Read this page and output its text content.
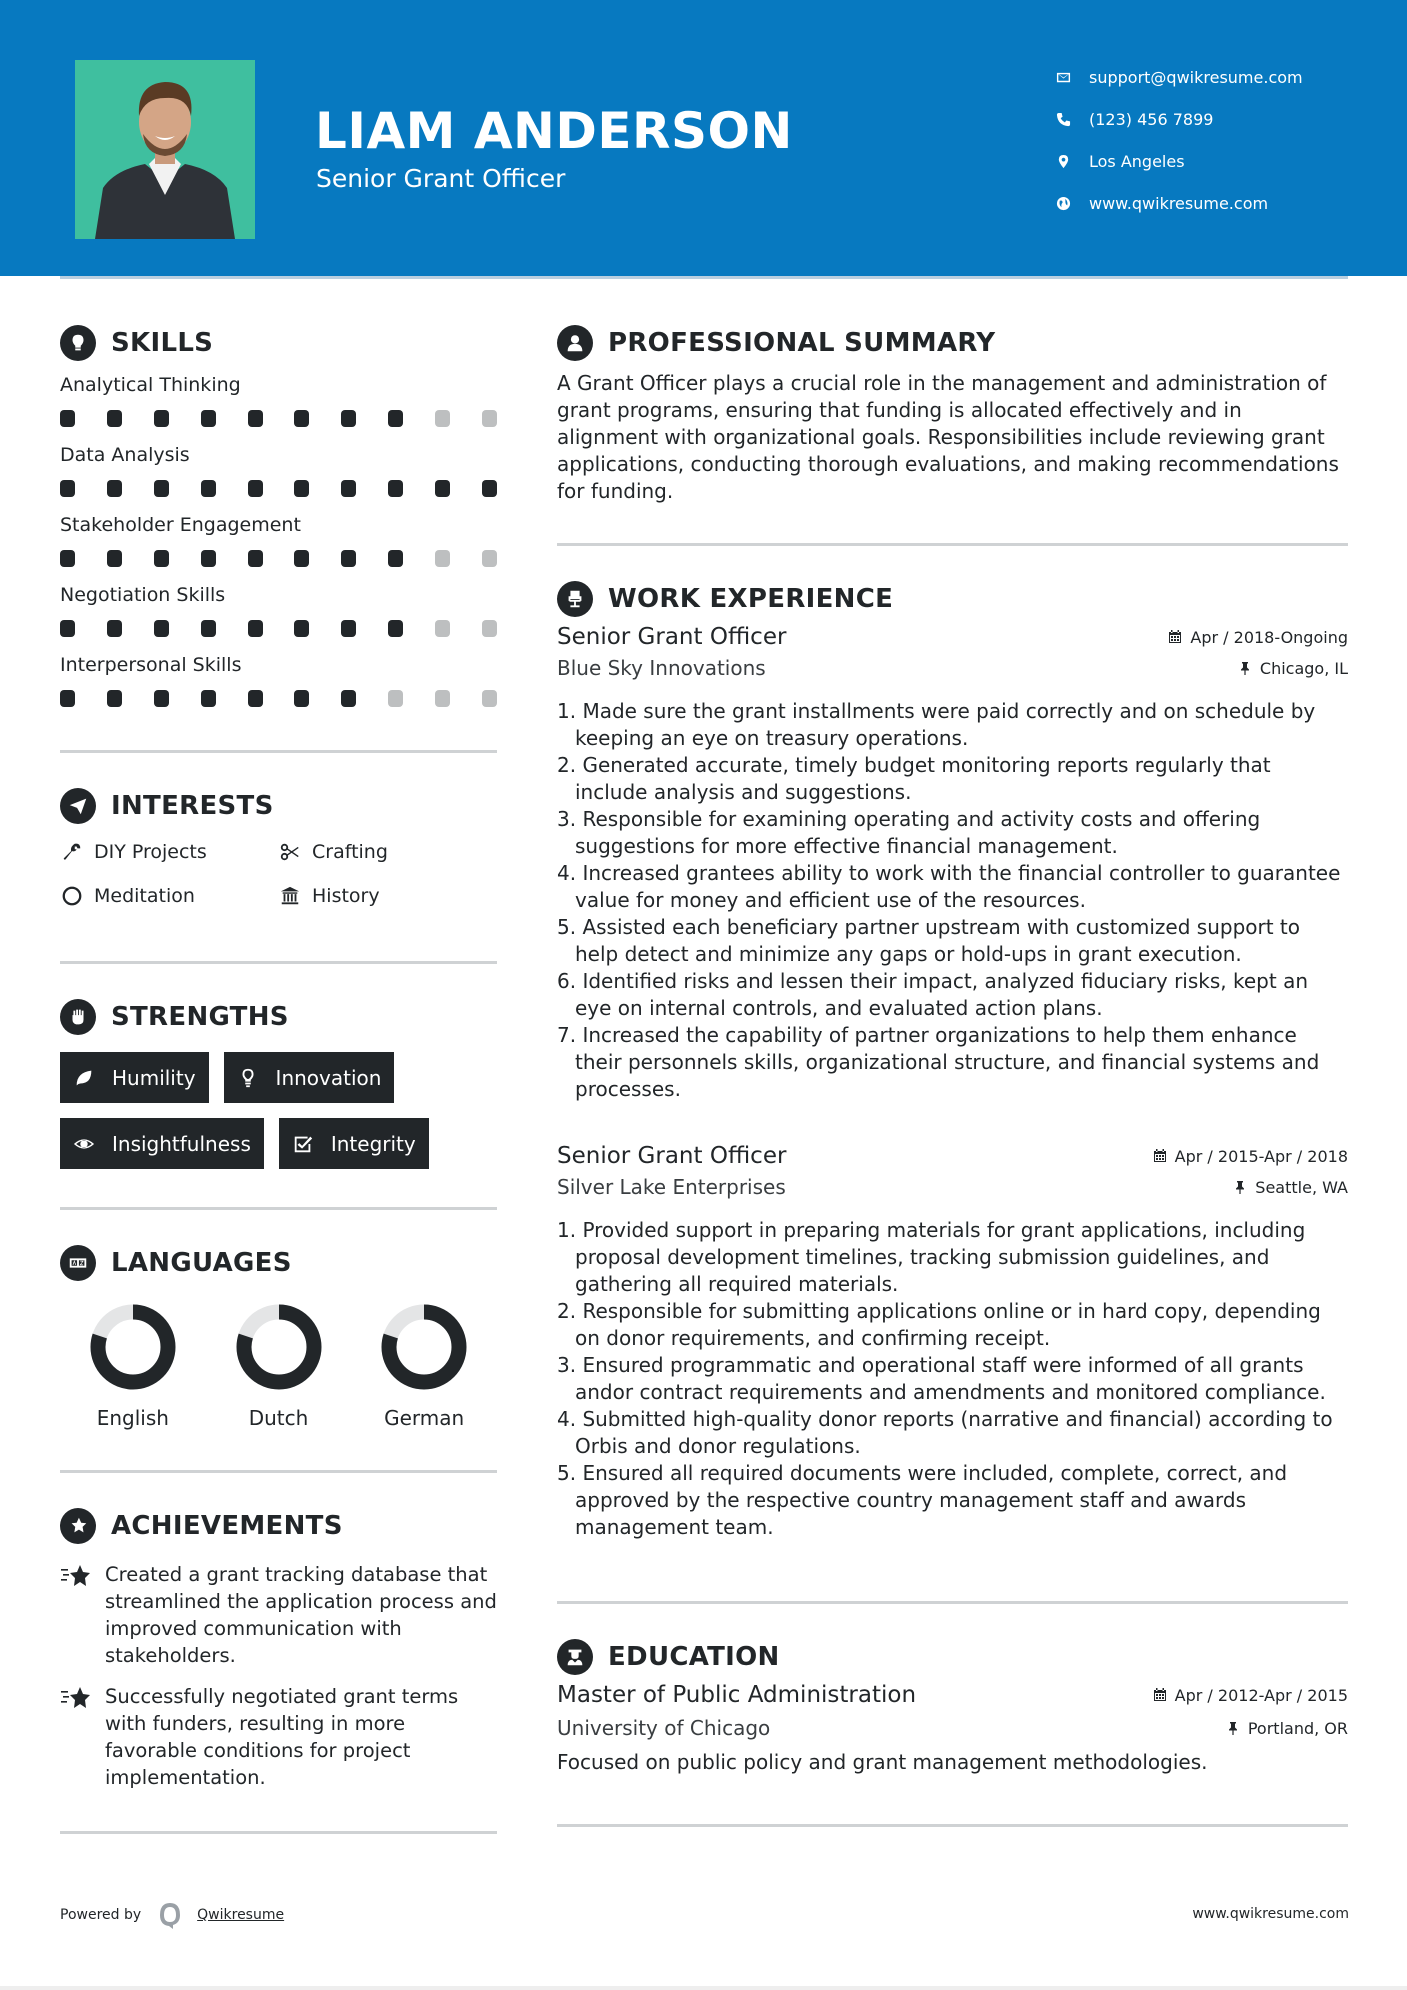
LIAM ANDERSON
Senior Grant Officer
support@qwikresume.com
(123) 456 7899
Los Angeles
www.qwikresume.com
SKILLS
Analytical Thinking
Data Analysis
Stakeholder Engagement
Negotiation Skills
Interpersonal Skills
INTERESTS
DIY Projects	Crafting
Meditation	History
STRENGTHS
Humility	Innovation
Insightfulness	Integrity
LANGUAGES
English	Dutch	German
ACHIEVEMENTS
Created a grant tracking database that streamlined the application process and improved communication with stakeholders.
Successfully negotiated grant terms with funders, resulting in more favorable conditions for project implementation.
PROFESSIONAL SUMMARY

A Grant Officer plays a crucial role in the management and administration of grant programs, ensuring that funding is allocated effectively and in alignment with organizational goals. Responsibilities include reviewing grant applications, conducting thorough evaluations, and making recommendations for funding.

WORK EXPERIENCE
Senior Grant Officer	Apr / 2018-Ongoing
Blue Sky Innovations	Chicago, IL
1. Made sure the grant installments were paid correctly and on schedule by keeping an eye on treasury operations.
2. Generated accurate, timely budget monitoring reports regularly that include analysis and suggestions.
3. Responsible for examining operating and activity costs and offering suggestions for more effective financial management.
4. Increased grantees ability to work with the financial controller to guarantee value for money and efficient use of the resources.
5. Assisted each beneficiary partner upstream with customized support to help detect and minimize any gaps or hold-ups in grant execution.
6. Identified risks and lessen their impact, analyzed fiduciary risks, kept an eye on internal controls, and evaluated action plans.
7. Increased the capability of partner organizations to help them enhance their personnels skills, organizational structure, and financial systems and processes.
Senior Grant Officer	Apr / 2015-Apr / 2018
Silver Lake Enterprises	Seattle, WA
1. Provided support in preparing materials for grant applications, including proposal development timelines, tracking submission guidelines, and gathering all required materials.
2. Responsible for submitting applications online or in hard copy, depending on donor requirements, and confirming receipt.
3. Ensured programmatic and operational staff were informed of all grants andor contract requirements and amendments and monitored compliance.
4. Submitted high-quality donor reports (narrative and financial) according to Orbis and donor regulations.
5. Ensured all required documents were included, complete, correct, and approved by the respective country management staff and awards management team.
EDUCATION
Master of Public Administration	Apr / 2012-Apr / 2015
University of Chicago	Portland, OR
Focused on public policy and grant management methodologies.
Powered by	Qwikresume	www.qwikresume.com
